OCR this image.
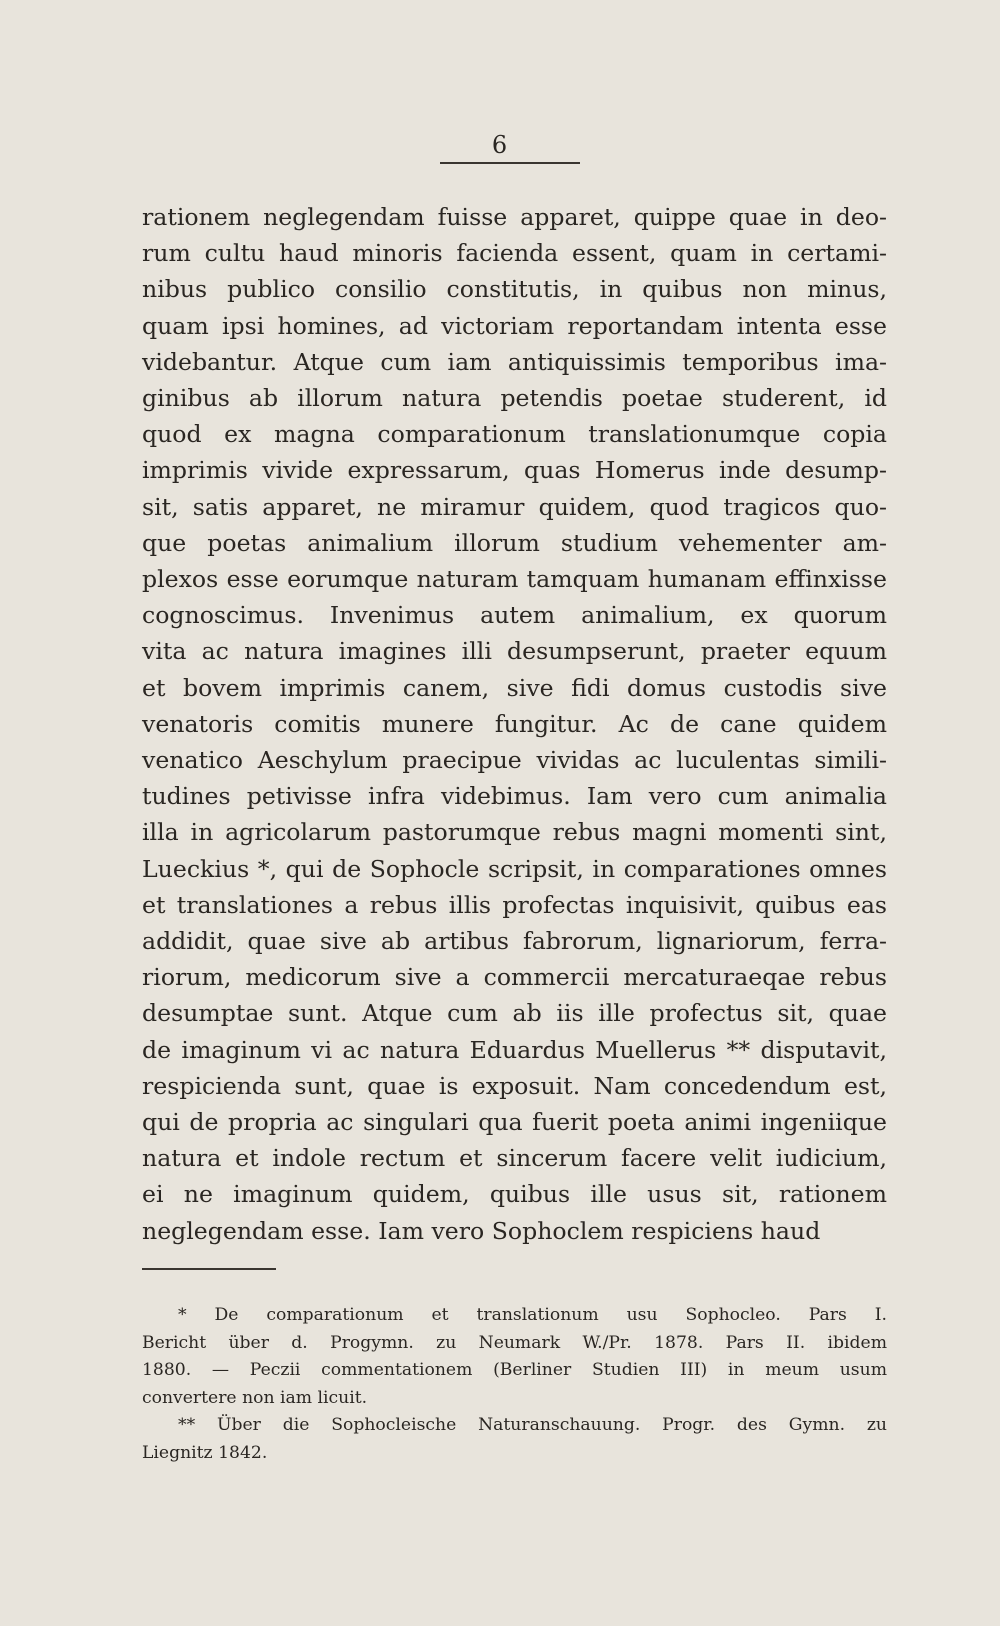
6
rationem neglegendam fuisse apparet, quippe quae in deo-
rum cultu haud minoris facienda essent, quam in certami-
nibus publico consilio constitutis, in quibus non minus,
quam ipsi homines, ad victoriam reportandam intenta esse
videbantur. Atque cum iam antiquissimis temporibus ima-
ginibus ab illorum natura petendis poetae studerent, id
quod ex magna comparationum translationumque copia
imprimis vivide expressarum, quas Homerus inde desump-
sit, satis apparet, ne miramur quidem, quod tragicos quo-
que poetas animalium illorum studium vehementer am-
plexos esse eorumque naturam tamquam humanam effinxisse
cognoscimus. Invenimus autem animalium, ex quorum
vita ac natura imagines illi desumpserunt, praeter equum
et bovem imprimis canem, sive fidi domus custodis sive
venatoris comitis munere fungitur. Ac de cane quidem
venatico Aeschylum praecipue vividas ac luculentas simili-
tudines petivisse infra videbimus. Iam vero cum animalia
illa in agricolarum pastorumque rebus magni momenti sint,
Lueckius *, qui de Sophocle scripsit, in comparationes omnes
et translationes a rebus illis profectas inquisivit, quibus eas
addidit, quae sive ab artibus fabrorum, lignariorum, ferra-
riorum, medicorum sive a commercii mercaturaeqae rebus
desumptae sunt. Atque cum ab iis ille profectus sit, quae
de imaginum vi ac natura Eduardus Muellerus ** disputavit,
respicienda sunt, quae is exposuit. Nam concedendum est,
qui de propria ac singulari qua fuerit poeta animi ingeniique
natura et indole rectum et sincerum facere velit iudicium,
ei ne imaginum quidem, quibus ille usus sit, rationem
neglegendam esse. Iam vero Sophoclem respiciens haud
* De comparationum et translationum usu Sophocleo. Pars I.
Bericht über d. Progymn. zu Neumark W./Pr. 1878. Pars II. ibidem
1880. — Peczii commentationem (Berliner Studien III) in meum usum
convertere non iam licuit.
** Über die Sophocleische Naturanschauung. Progr. des Gymn. zu
Liegnitz 1842.
